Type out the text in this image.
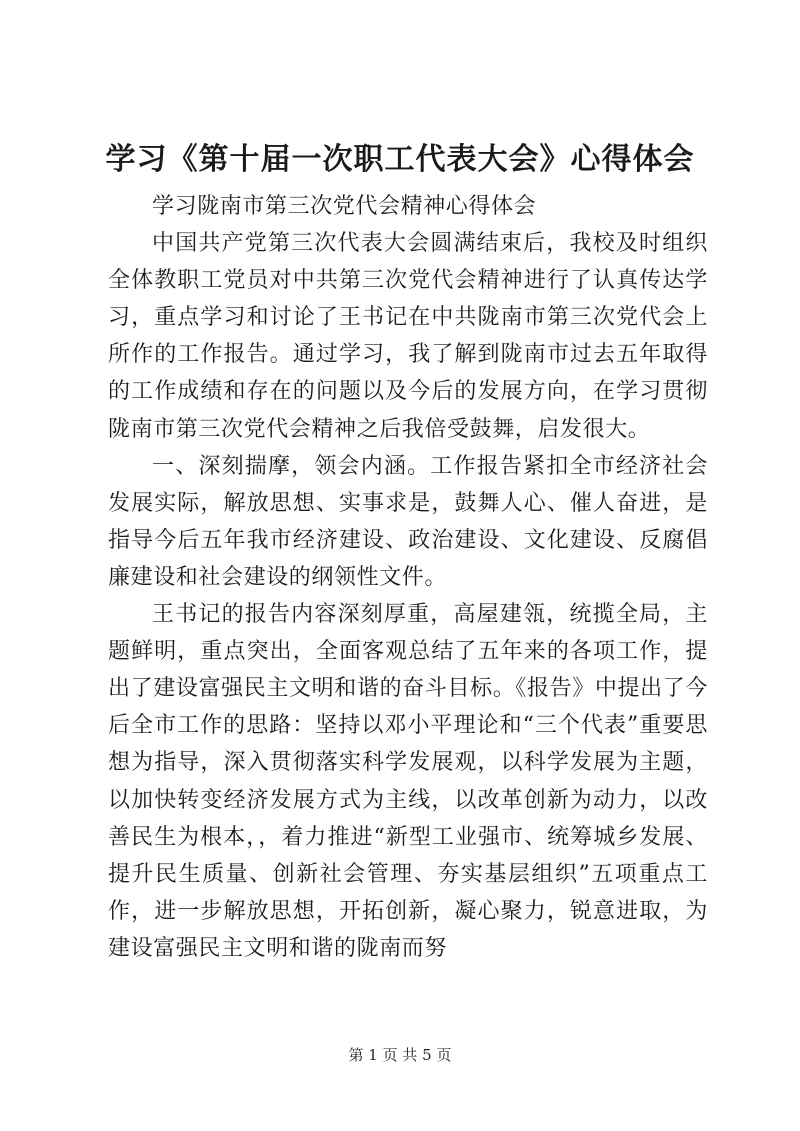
学习《第十届一次职工代表大会》心得体会

学习陇南市第三次党代会精神心得体会

中国共产党第三次代表大会圆满结束后，我校及时组织全体教职工党员对中共第三次党代会精神进行了认真传达学习，重点学习和讨论了王书记在中共陇南市第三次党代会上所作的工作报告。通过学习，我了解到陇南市过去五年取得的工作成绩和存在的问题以及今后的发展方向，在学习贯彻陇南市第三次党代会精神之后我倍受鼓舞，启发很大。

一、深刻揣摩，领会内涵。工作报告紧扣全市经济社会发展实际，解放思想、实事求是，鼓舞人心、催人奋进，是指导今后五年我市经济建设、政治建设、文化建设、反腐倡廉建设和社会建设的纲领性文件。

王书记的报告内容深刻厚重，高屋建瓴，统揽全局，主题鲜明，重点突出，全面客观总结了五年来的各项工作，提出了建设富强民主文明和谐的奋斗目标。《报告》中提出了今后全市工作的思路：坚持以邓小平理论和“三个代表”重要思想为指导，深入贯彻落实科学发展观，以科学发展为主题，以加快转变经济发展方式为主线，以改革创新为动力，以改善民生为根本，，着力推进“新型工业强市、统筹城乡发展、提升民生质量、创新社会管理、夯实基层组织”五项重点工作，进一步解放思想，开拓创新，凝心聚力，锐意进取，为建设富强民主文明和谐的陇南而努

第 1 页 共 5 页
